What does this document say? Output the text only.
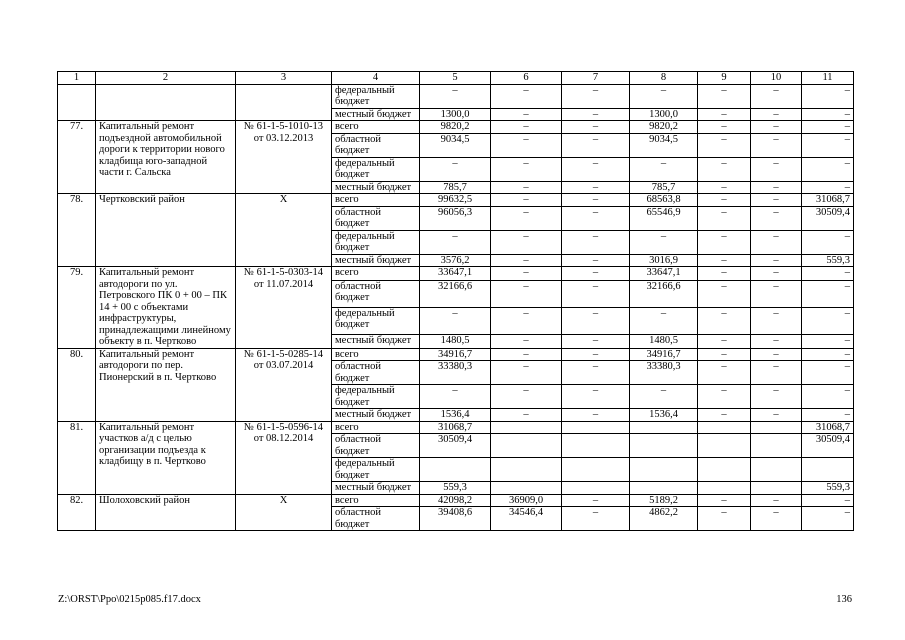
1	2	3	4	5	6	7	8	9	10	11
			федеральный бюджет	–	–	–	–	–	–	–
			местный бюджет	1300,0	–	–	1300,0	–	–	–
77.	Капитальный ремонт подъездной автомобильной дороги к территории нового кладбища юго-западной части г. Сальска	№ 61-1-5-1010-13 от 03.12.2013	всего	9820,2	–	–	9820,2	–	–	–
			областной бюджет	9034,5	–	–	9034,5	–	–	–
			федеральный бюджет	–	–	–	–	–	–	–
			местный бюджет	785,7	–	–	785,7	–	–	–
78.	Чертковский район	X	всего	99632,5	–	–	68563,8	–	–	31068,7
			областной бюджет	96056,3	–	–	65546,9	–	–	30509,4
			федеральный бюджет	–	–	–	–	–	–	–
			местный бюджет	3576,2	–	–	3016,9	–	–	559,3
79.	Капитальный ремонт автодороги по ул. Петровского ПК 0 + 00 – ПК 14 + 00 с объектами инфраструктуры, принадлежащими линейному объекту в п. Чертково	№ 61-1-5-0303-14 от 11.07.2014	всего	33647,1	–	–	33647,1	–	–	–
			областной бюджет	32166,6	–	–	32166,6	–	–	–
			федеральный бюджет	–	–	–	–	–	–	–
			местный бюджет	1480,5	–	–	1480,5	–	–	–
80.	Капитальный ремонт автодороги по пер. Пионерский в п. Чертково	№ 61-1-5-0285-14 от 03.07.2014	всего	34916,7	–	–	34916,7	–	–	–
			областной бюджет	33380,3	–	–	33380,3	–	–	–
			федеральный бюджет	–	–	–	–	–	–	–
			местный бюджет	1536,4	–	–	1536,4	–	–	–
81.	Капитальный ремонт участков а/д с целью организации подъезда к кладбищу в п. Чертково	№ 61-1-5-0596-14 от 08.12.2014	всего	31068,7						31068,7
			областной бюджет	30509,4						30509,4
			федеральный бюджет							
			местный бюджет	559,3						559,3
82.	Шолоховский район	X	всего	42098,2	36909,0	–	5189,2	–	–	–
			областной бюджет	39408,6	34546,4	–	4862,2	–	–	–
Z:\ORST\Ppo\0215p085.f17.docx	136
